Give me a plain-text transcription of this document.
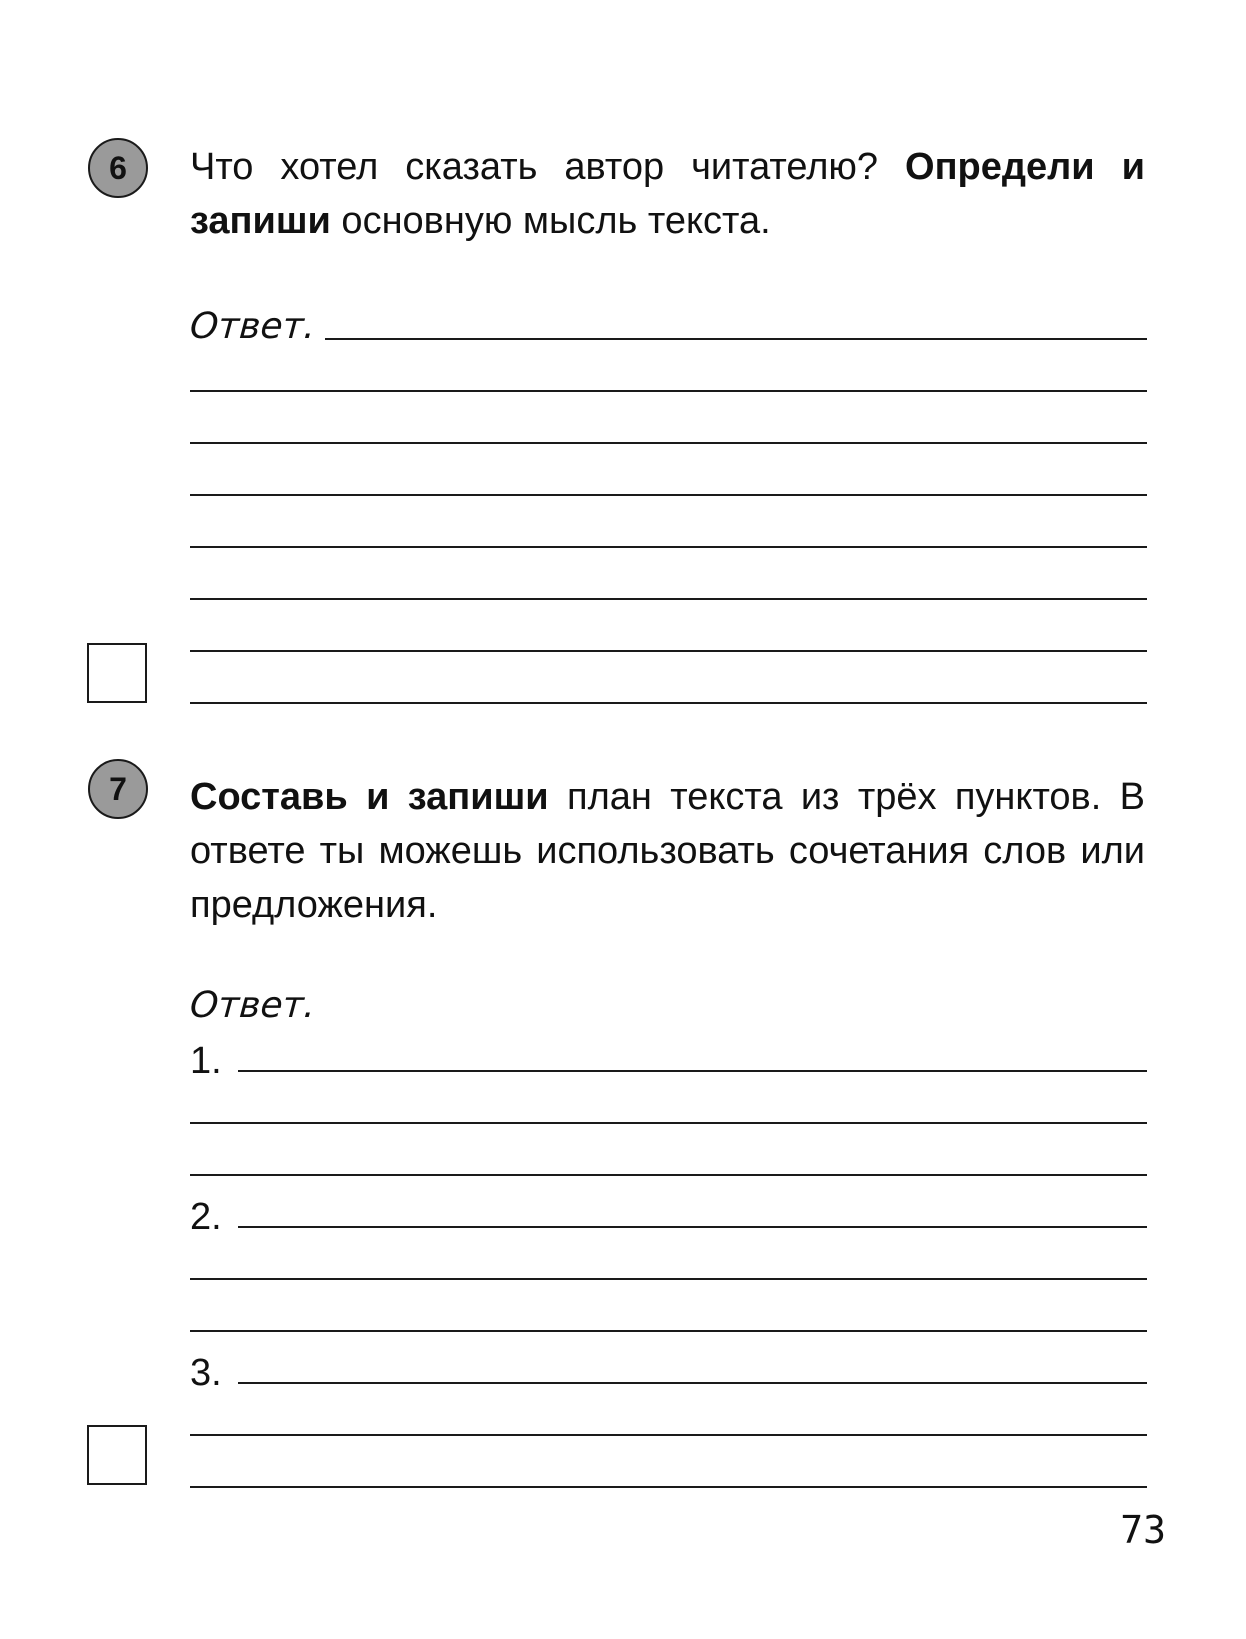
6 Что хотел сказать автор читателю? Определи и запиши основную мысль текста.

Ответ.
7 Составь и запиши план текста из трёх пунктов. В ответе ты можешь использовать сочетания слов или предложения.

Ответ.
1.
2.
3.
73
